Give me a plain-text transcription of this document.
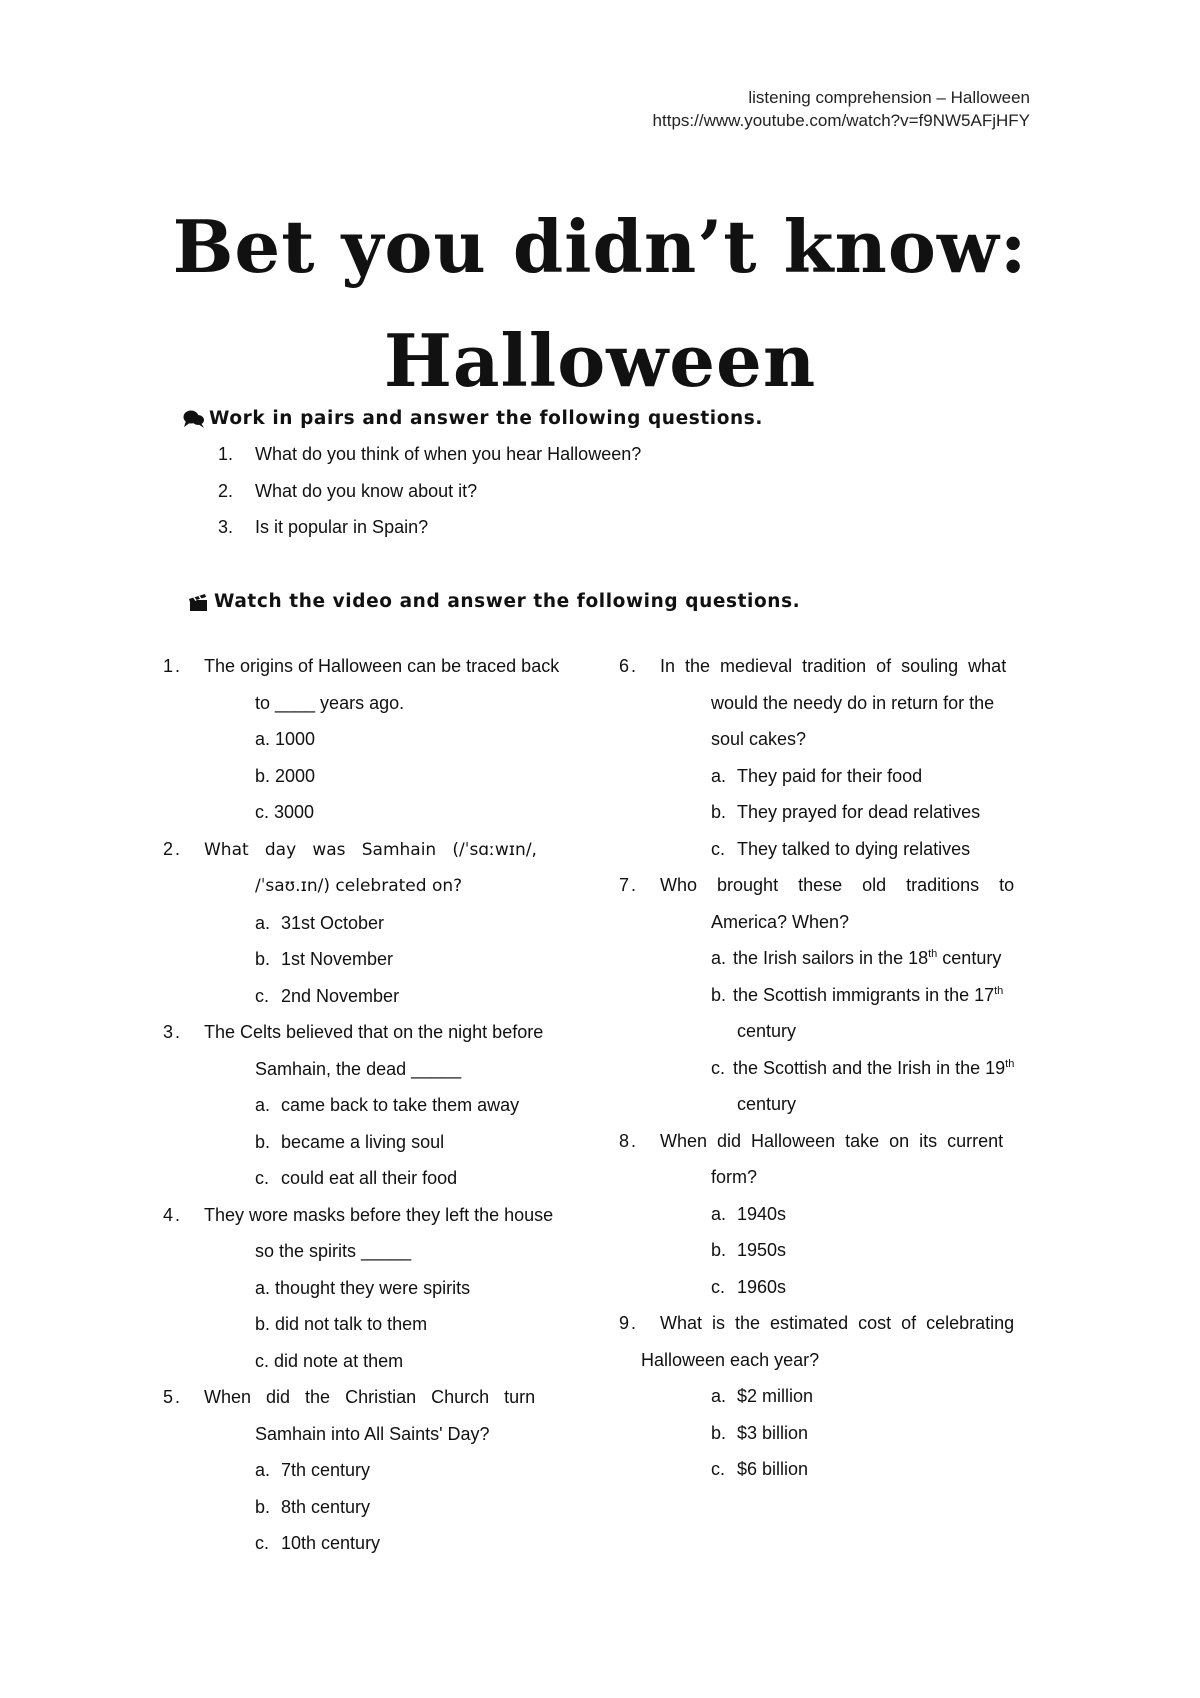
listening comprehension – Halloween
https://www.youtube.com/watch?v=f9NW5AFjHFY
Bet you didn’t know:
Halloween
Work in pairs and answer the following questions.
1.	What do you think of when you hear Halloween?
2.	What do you know about it?
3.	Is it popular in Spain?
Watch the video and answer the following questions.
1. The origins of Halloween can be traced back
to ____ years ago.
a. 1000
b. 2000
c. 3000
2. What   day   was   Samhain   (/ˈsɑːwɪn/,
/ˈsaʊ.ɪn/) celebrated on?
a. 31st October
b. 1st November
c. 2nd November
3. The Celts believed that on the night before
Samhain, the dead _____
a. came back to take them away
b. became a living soul
c. could eat all their food
4. They wore masks before they left the house
so the spirits _____
a. thought they were spirits
b. did not talk to them
c. did note at them
5. When   did   the   Christian   Church   turn
Samhain into All Saints' Day?
a. 7th century
b. 8th century
c. 10th century
6. In  the  medieval  tradition  of  souling  what
would the needy do in return for the
soul cakes?
a. They paid for their food
b. They prayed for dead relatives
c. They talked to dying relatives
7. Who    brought    these    old    traditions    to
America? When?
a. the Irish sailors in the 18th century
b. the Scottish immigrants in the 17th
century
c. the Scottish and the Irish in the 19th
century
8. When  did  Halloween  take  on  its  current
form?
a. 1940s
b. 1950s
c. 1960s
9. What  is  the  estimated  cost  of  celebrating
Halloween each year?
a. $2 million
b. $3 billion
c. $6 billion
